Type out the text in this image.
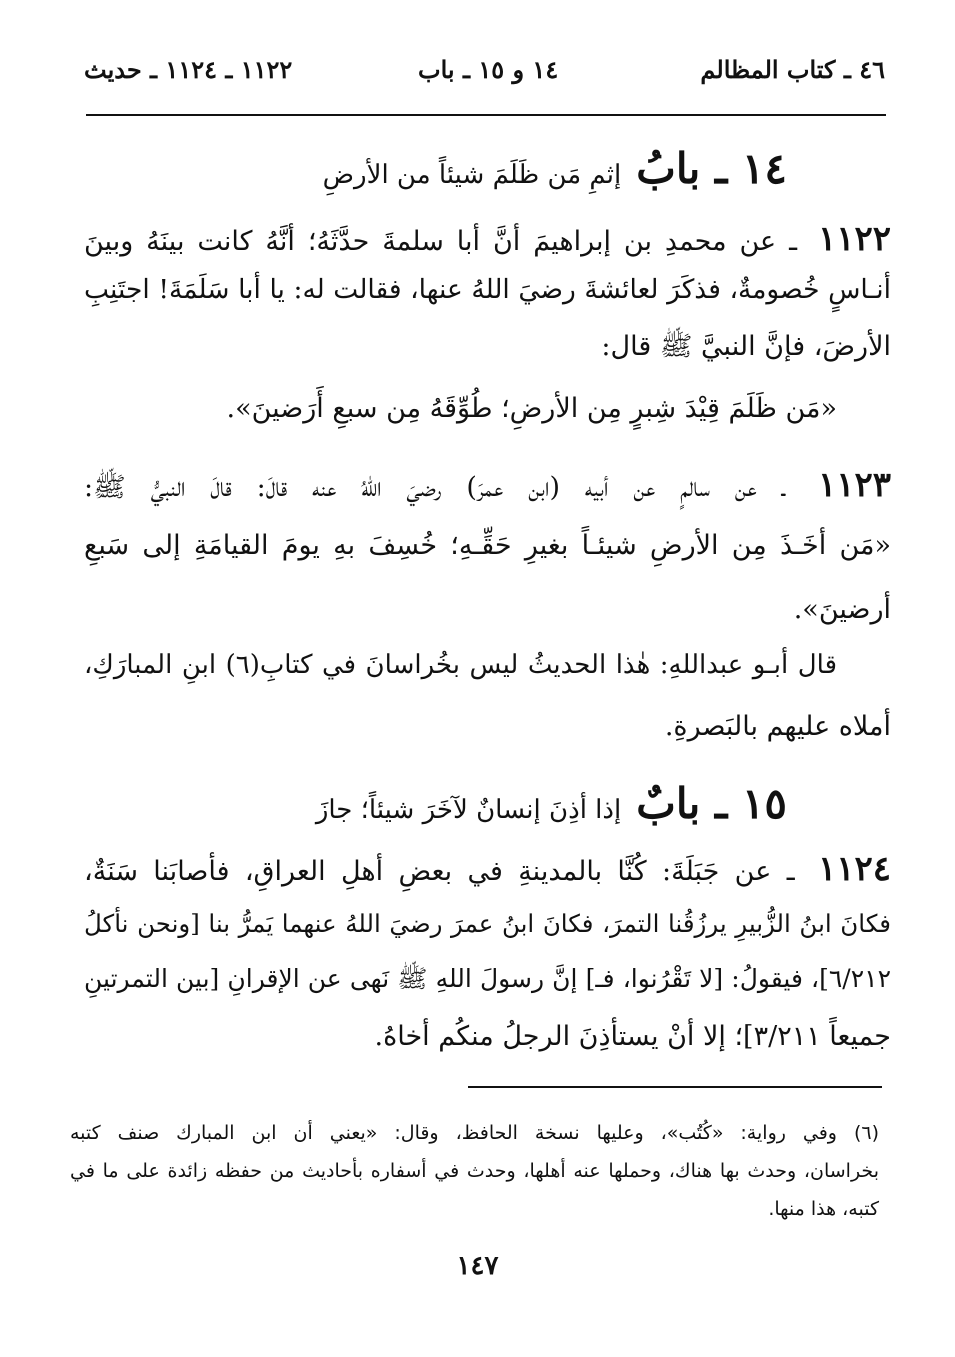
٤٦ ـ كتاب المظالم
١٤ و ١٥ ـ باب
١١٢٢ ـ ١١٢٤ ـ حديث
١٤ ـ بابُ إثمِ مَن ظَلَمَ شيئاً من الأرضِ
١١٢٢ ـ عن محمدِ بن إبراهيمَ أنَّ أبا سلمةَ حدَّثَهُ؛ أنَّهُ كانت بينَهُ وبينَ
أنـاسٍ خُصومةٌ، فذكَرَ لعائشةَ رضيَ اللهُ عنها، فقالت له: يا أبا سَلَمَةَ! اجتَنِبِ
الأرضَ، فإنَّ النبيَّ ﷺ قال:
«مَن ظَلَمَ قِيْدَ شِبرٍ مِن الأرضِ؛ طُوِّقَهُ مِن سبعِ أَرَضينَ».
١١٢٣ ـ عن سالمٍ عن أبيه (ابن عمرَ) رضيَ اللهُ عنه قالَ: قالَ النبيُّ ﷺ:
«مَن أخَـذَ مِن الأرضِ شيئـاً بغيرِ حَقِّـهِ؛ خُسِفَ بهِ يومَ القيامَةِ إلى سَبعِ
أرضينَ».
قال أبـو عبداللهِ: هٰذا الحديثُ ليس بخُراسانَ في كتابِ(٦) ابنِ المبارَكِ،
أملاه عليهم بالبَصرةِ.
١٥ ـ بابٌ إذا أذِنَ إنسانٌ لآخَرَ شيئاً؛ جازَ
١١٢٤ ـ عن جَبَلَةَ: كُنَّا بالمدينةِ في بعضِ أهلِ العراقِ، فأصابَنا سَنَةٌ،
فكانَ ابنُ الزُّبيرِ يرزُقُنا التمرَ، فكانَ ابنُ عمرَ رضيَ اللهُ عنهما يَمرُّ بنا [ونحن نأكلُ
٦/٢١٢]، فيقولُ: [لا تَقْرُنوا، فـ] إنَّ رسولَ اللهِ ﷺ نَهى عن الإقرانِ [بين التمرتينِ
جميعاً ٣/٢١١]؛ إلا أنْ يستأذِنَ الرجلُ منكُم أخاهُ.
(٦) وفي رواية: «كُتُب»، وعليها نسخة الحافظ، وقال: «يعني أن ابن المبارك صنف كتبه
بخراسان، وحدث بها هناك، وحملها عنه أهلها، وحدث في أسفاره بأحاديث من حفظه زائدة على ما في
كتبه، هذا منها.
١٤٧
